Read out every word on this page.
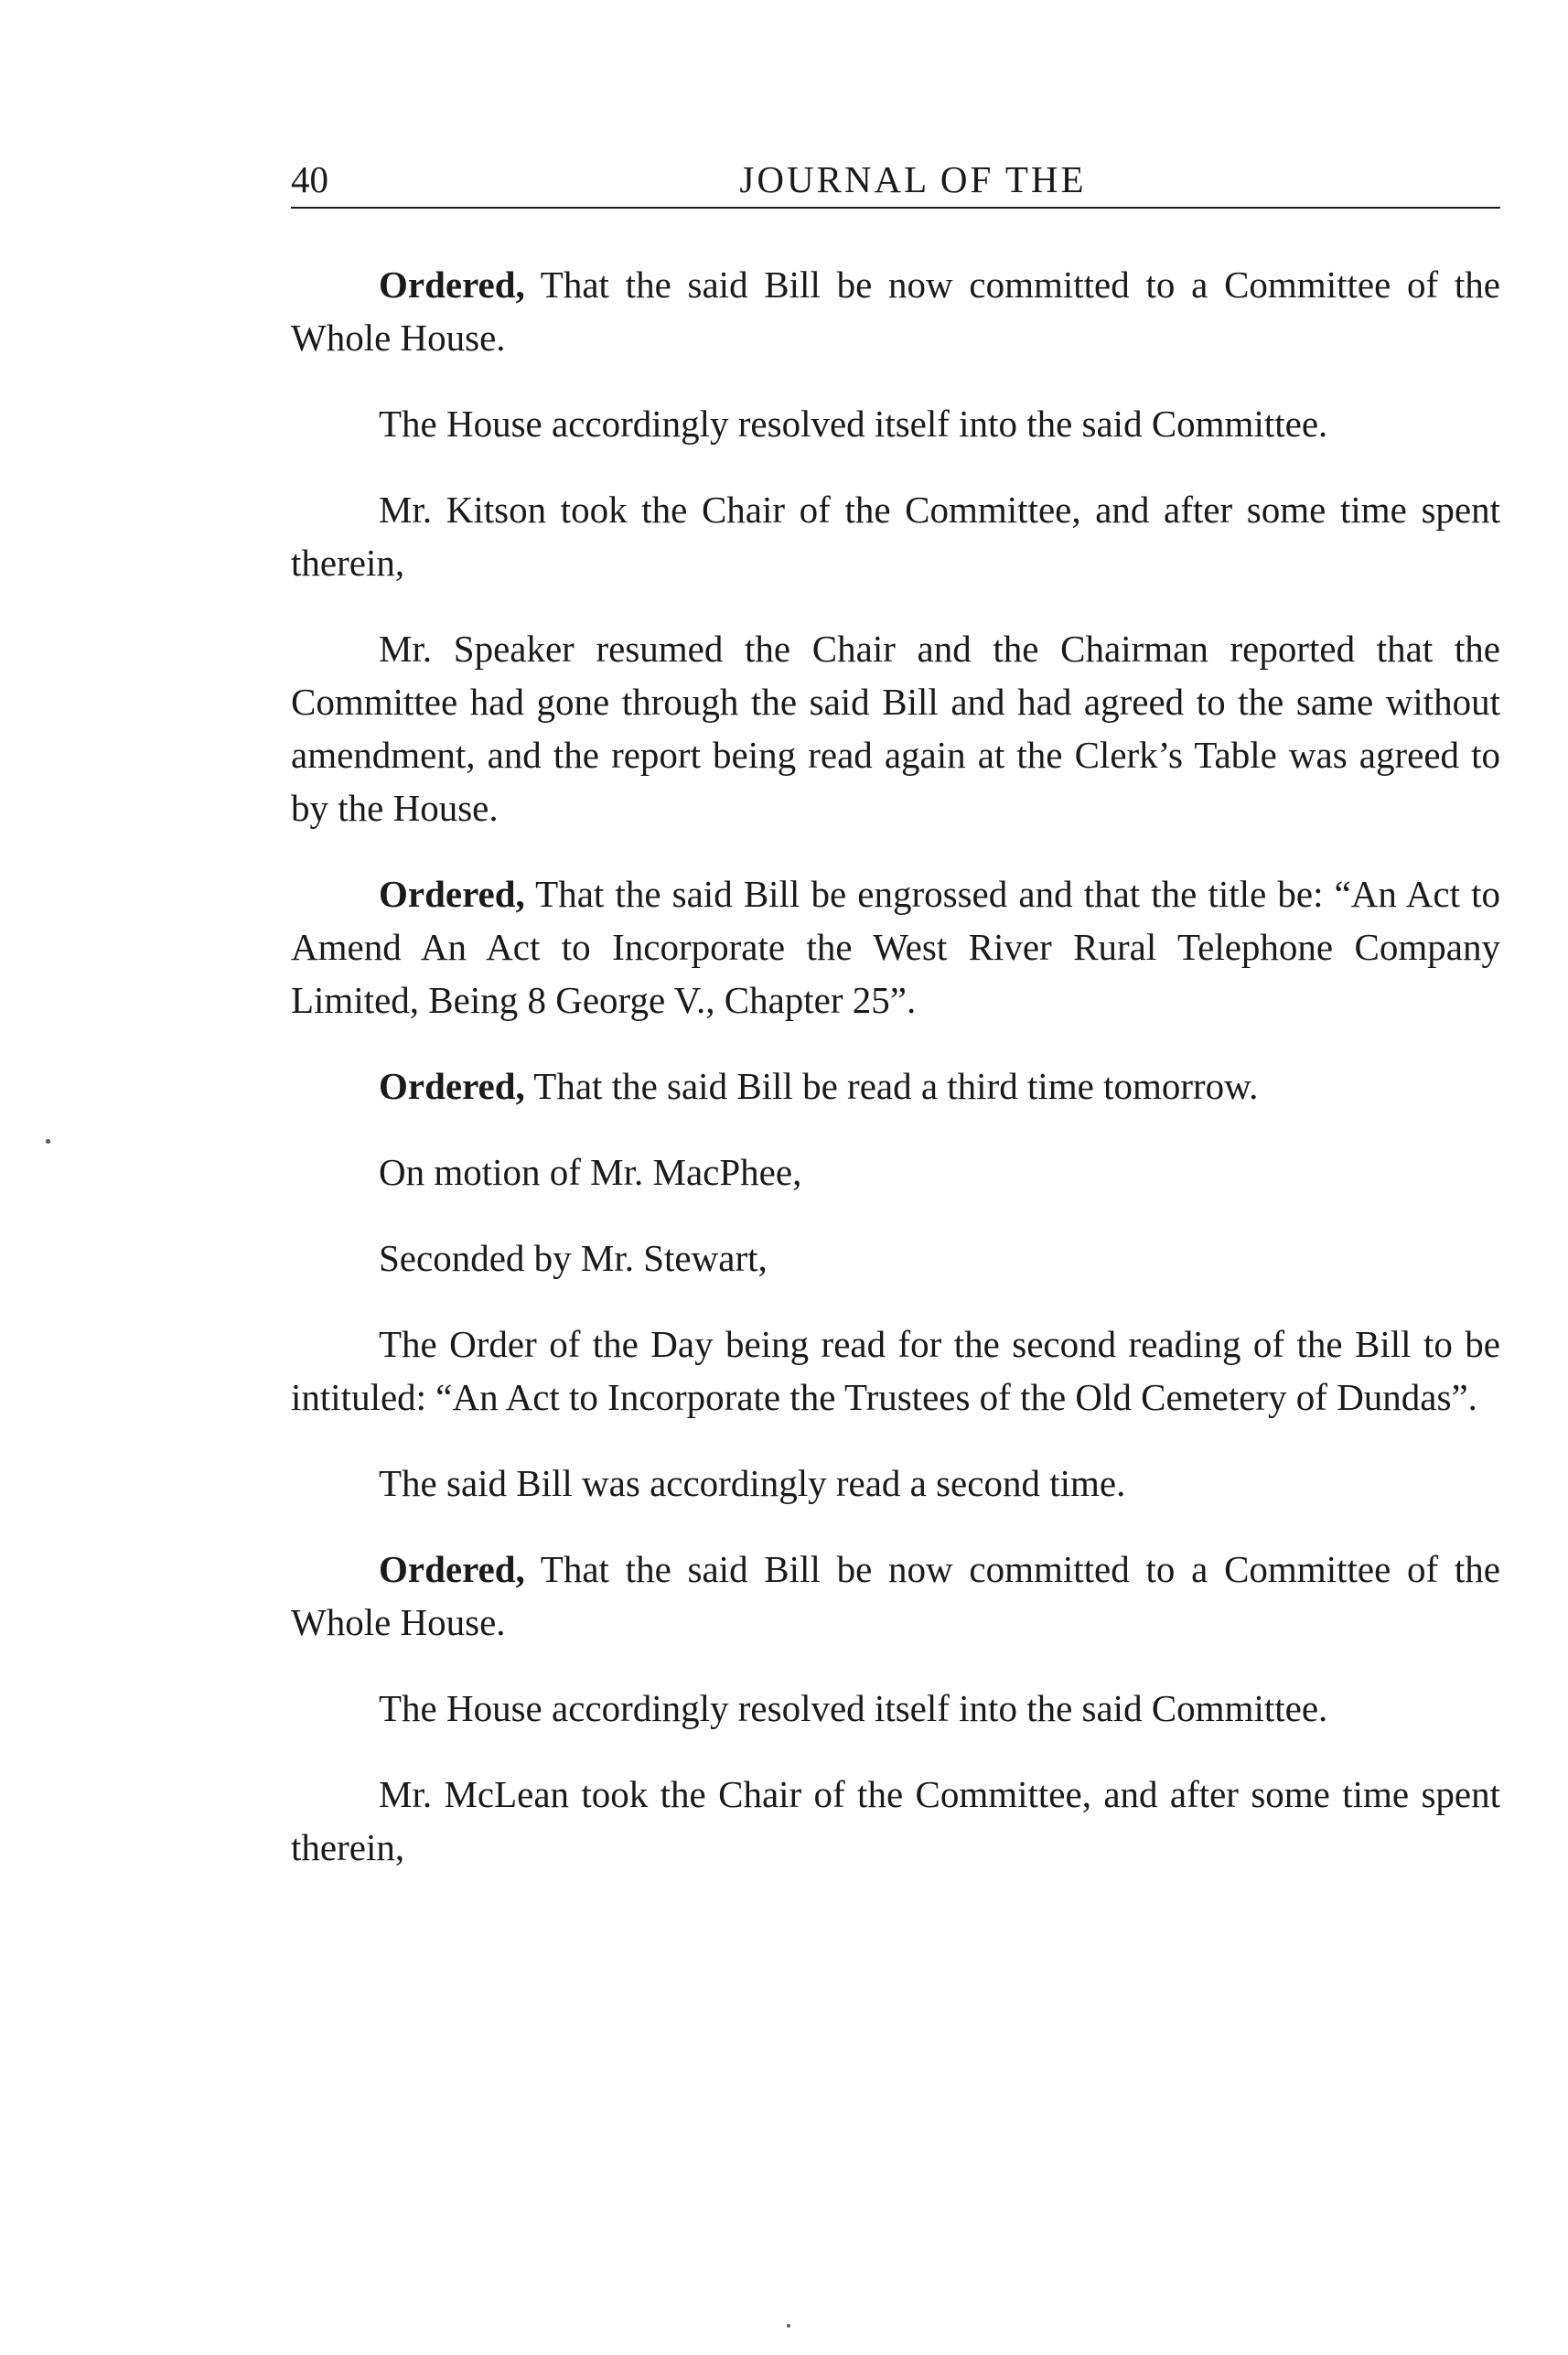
40	JOURNAL OF THE

Ordered, That the said Bill be now committed to a Committee of the Whole House.

The House accordingly resolved itself into the said Committee.

Mr. Kitson took the Chair of the Committee, and after some time spent therein,

Mr. Speaker resumed the Chair and the Chairman reported that the Committee had gone through the said Bill and had agreed to the same without amendment, and the report being read again at the Clerk’s Table was agreed to by the House.

Ordered, That the said Bill be engrossed and that the title be: “An Act to Amend An Act to Incorporate the West River Rural Telephone Company Limited, Being 8 George V., Chapter 25”.

Ordered, That the said Bill be read a third time tomorrow.

On motion of Mr. MacPhee,

Seconded by Mr. Stewart,

The Order of the Day being read for the second reading of the Bill to be intituled: “An Act to Incorporate the Trustees of the Old Cemetery of Dundas”.

The said Bill was accordingly read a second time.

Ordered, That the said Bill be now committed to a Committee of the Whole House.

The House accordingly resolved itself into the said Committee.

Mr. McLean took the Chair of the Committee, and after some time spent therein,
